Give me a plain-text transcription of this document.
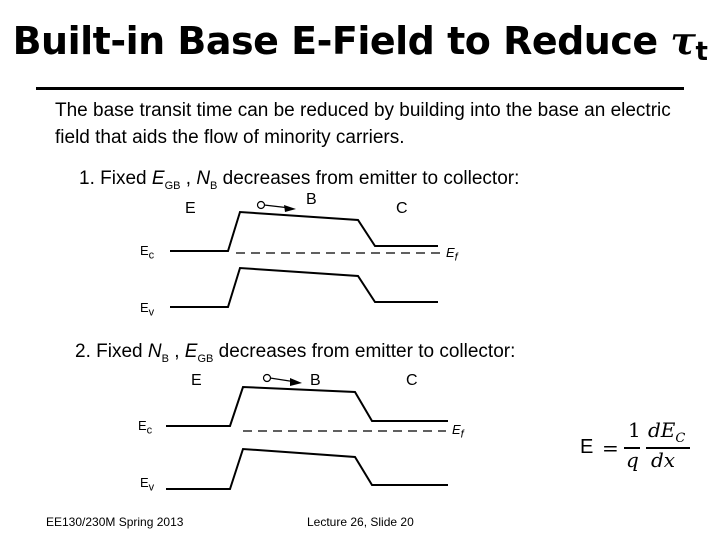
Built-in Base E-Field to Reduce $\tau_t$
The base transit time can be reduced by building into the base an electric field that aids the flow of minority carriers.
1. Fixed $E_{GB}$ , $N_B$ decreases from emitter to collector:
2. Fixed $N_B$ , $E_{GB}$ decreases from emitter to collector:
E
B
C
$E_c$	$E_f$
$E_v$
E	B	C
$E_c$	$E_f$
$E_v$
E =
1
q
$dE_C$
dx
EE130/230M Spring 2013	Lecture 26, Slide 20
